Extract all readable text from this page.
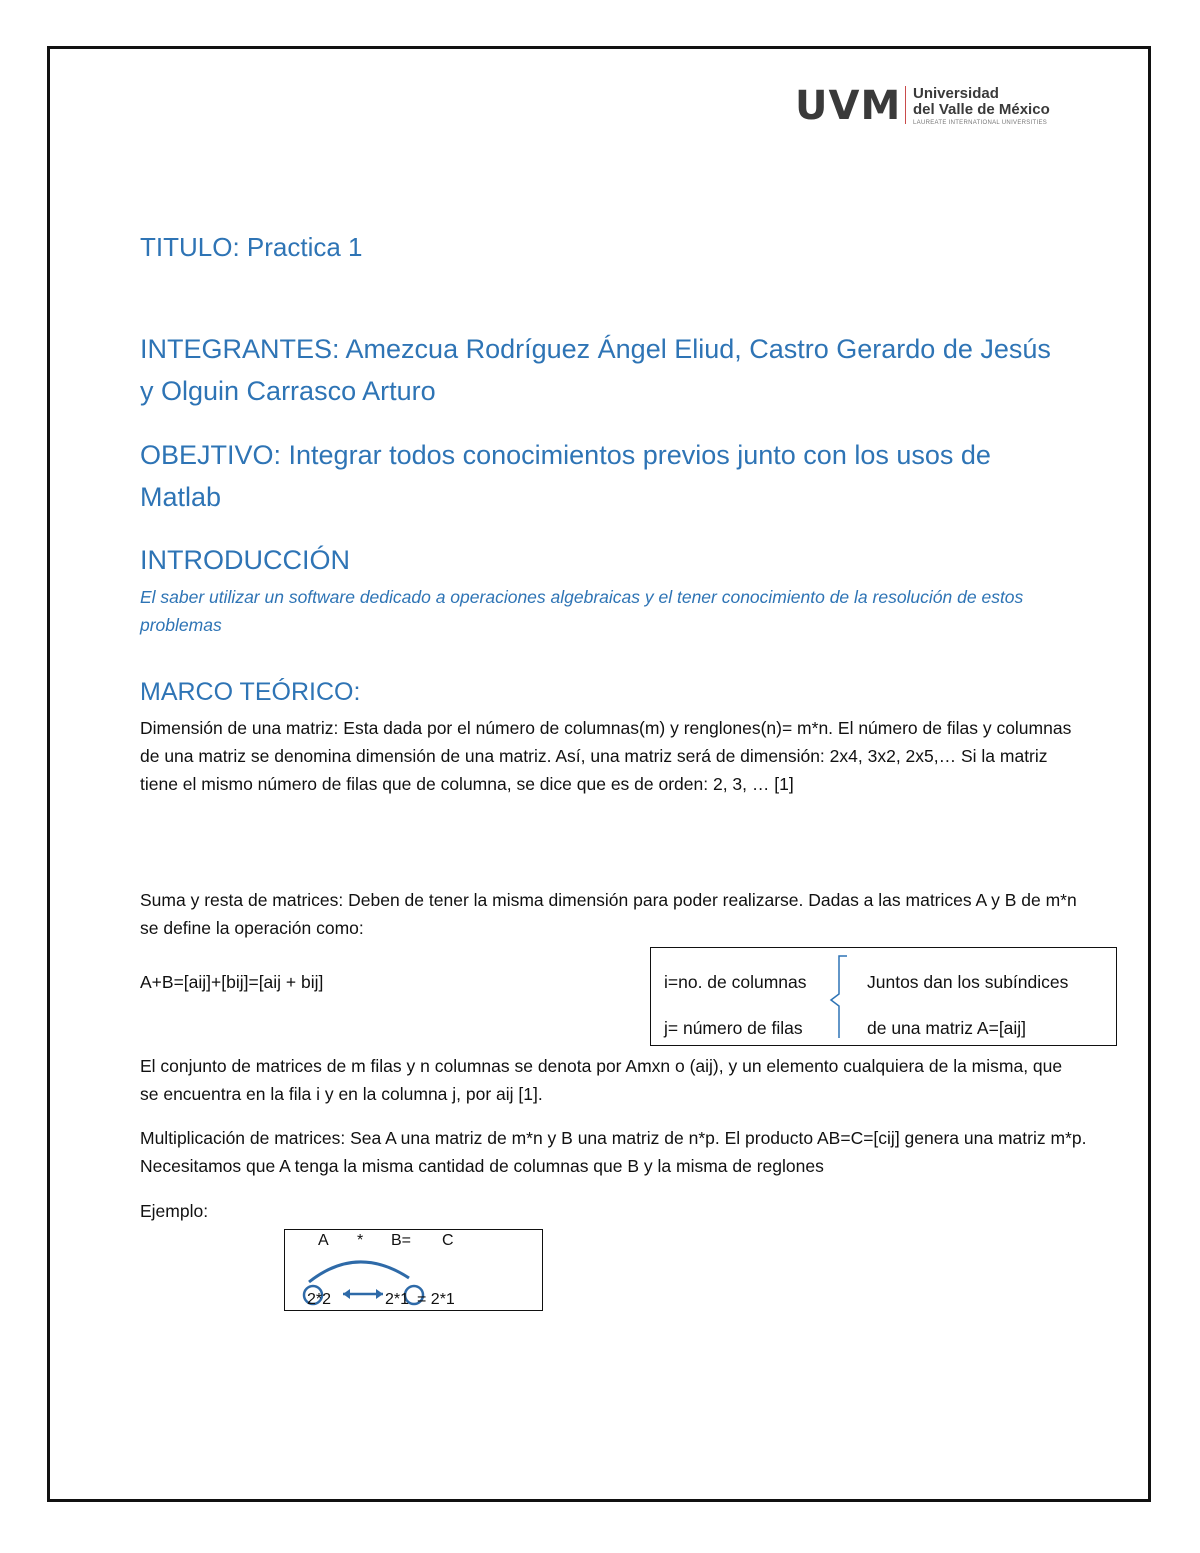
UVM Universidad
del Valle de México
LAUREATE INTERNATIONAL UNIVERSITIES
TITULO: Practica 1
INTEGRANTES: Amezcua Rodríguez Ángel Eliud, Castro Gerardo de Jesús y Olguin Carrasco Arturo
OBEJTIVO: Integrar todos conocimientos previos junto con los usos de Matlab
INTRODUCCIÓN
El saber utilizar un software dedicado a operaciones algebraicas y el tener conocimiento de la resolución de estos problemas
MARCO TEÓRICO:
Dimensión de una matriz: Esta dada por el número de columnas(m) y renglones(n)= m*n. El número de filas y columnas de una matriz se denomina dimensión de una matriz. Así, una matriz será de dimensión: 2x4, 3x2, 2x5,… Si la matriz tiene el mismo número de filas que de columna, se dice que es de orden: 2, 3, … [1]
Suma y resta de matrices: Deben de tener la misma dimensión para poder realizarse. Dadas a las matrices A y B de m*n se define la operación como:
A+B=[aij]+[bij]=[aij + bij]	i=no. de columnas
j= número de filas
Juntos dan los subíndices
de una matriz A=[aij]
El conjunto de matrices de m filas y n columnas se denota por Amxn o (aij), y un elemento cualquiera de la misma, que se encuentra en la fila i y en la columna j, por aij [1].
Multiplicación de matrices: Sea A una matriz de m*n y B una matriz de n*p. El producto AB=C=[cij] genera una matriz m*p. Necesitamos que A tenga la misma cantidad de columnas que B y la misma de reglones
Ejemplo:
A * B= C
2*2	2*1 = 2*1
